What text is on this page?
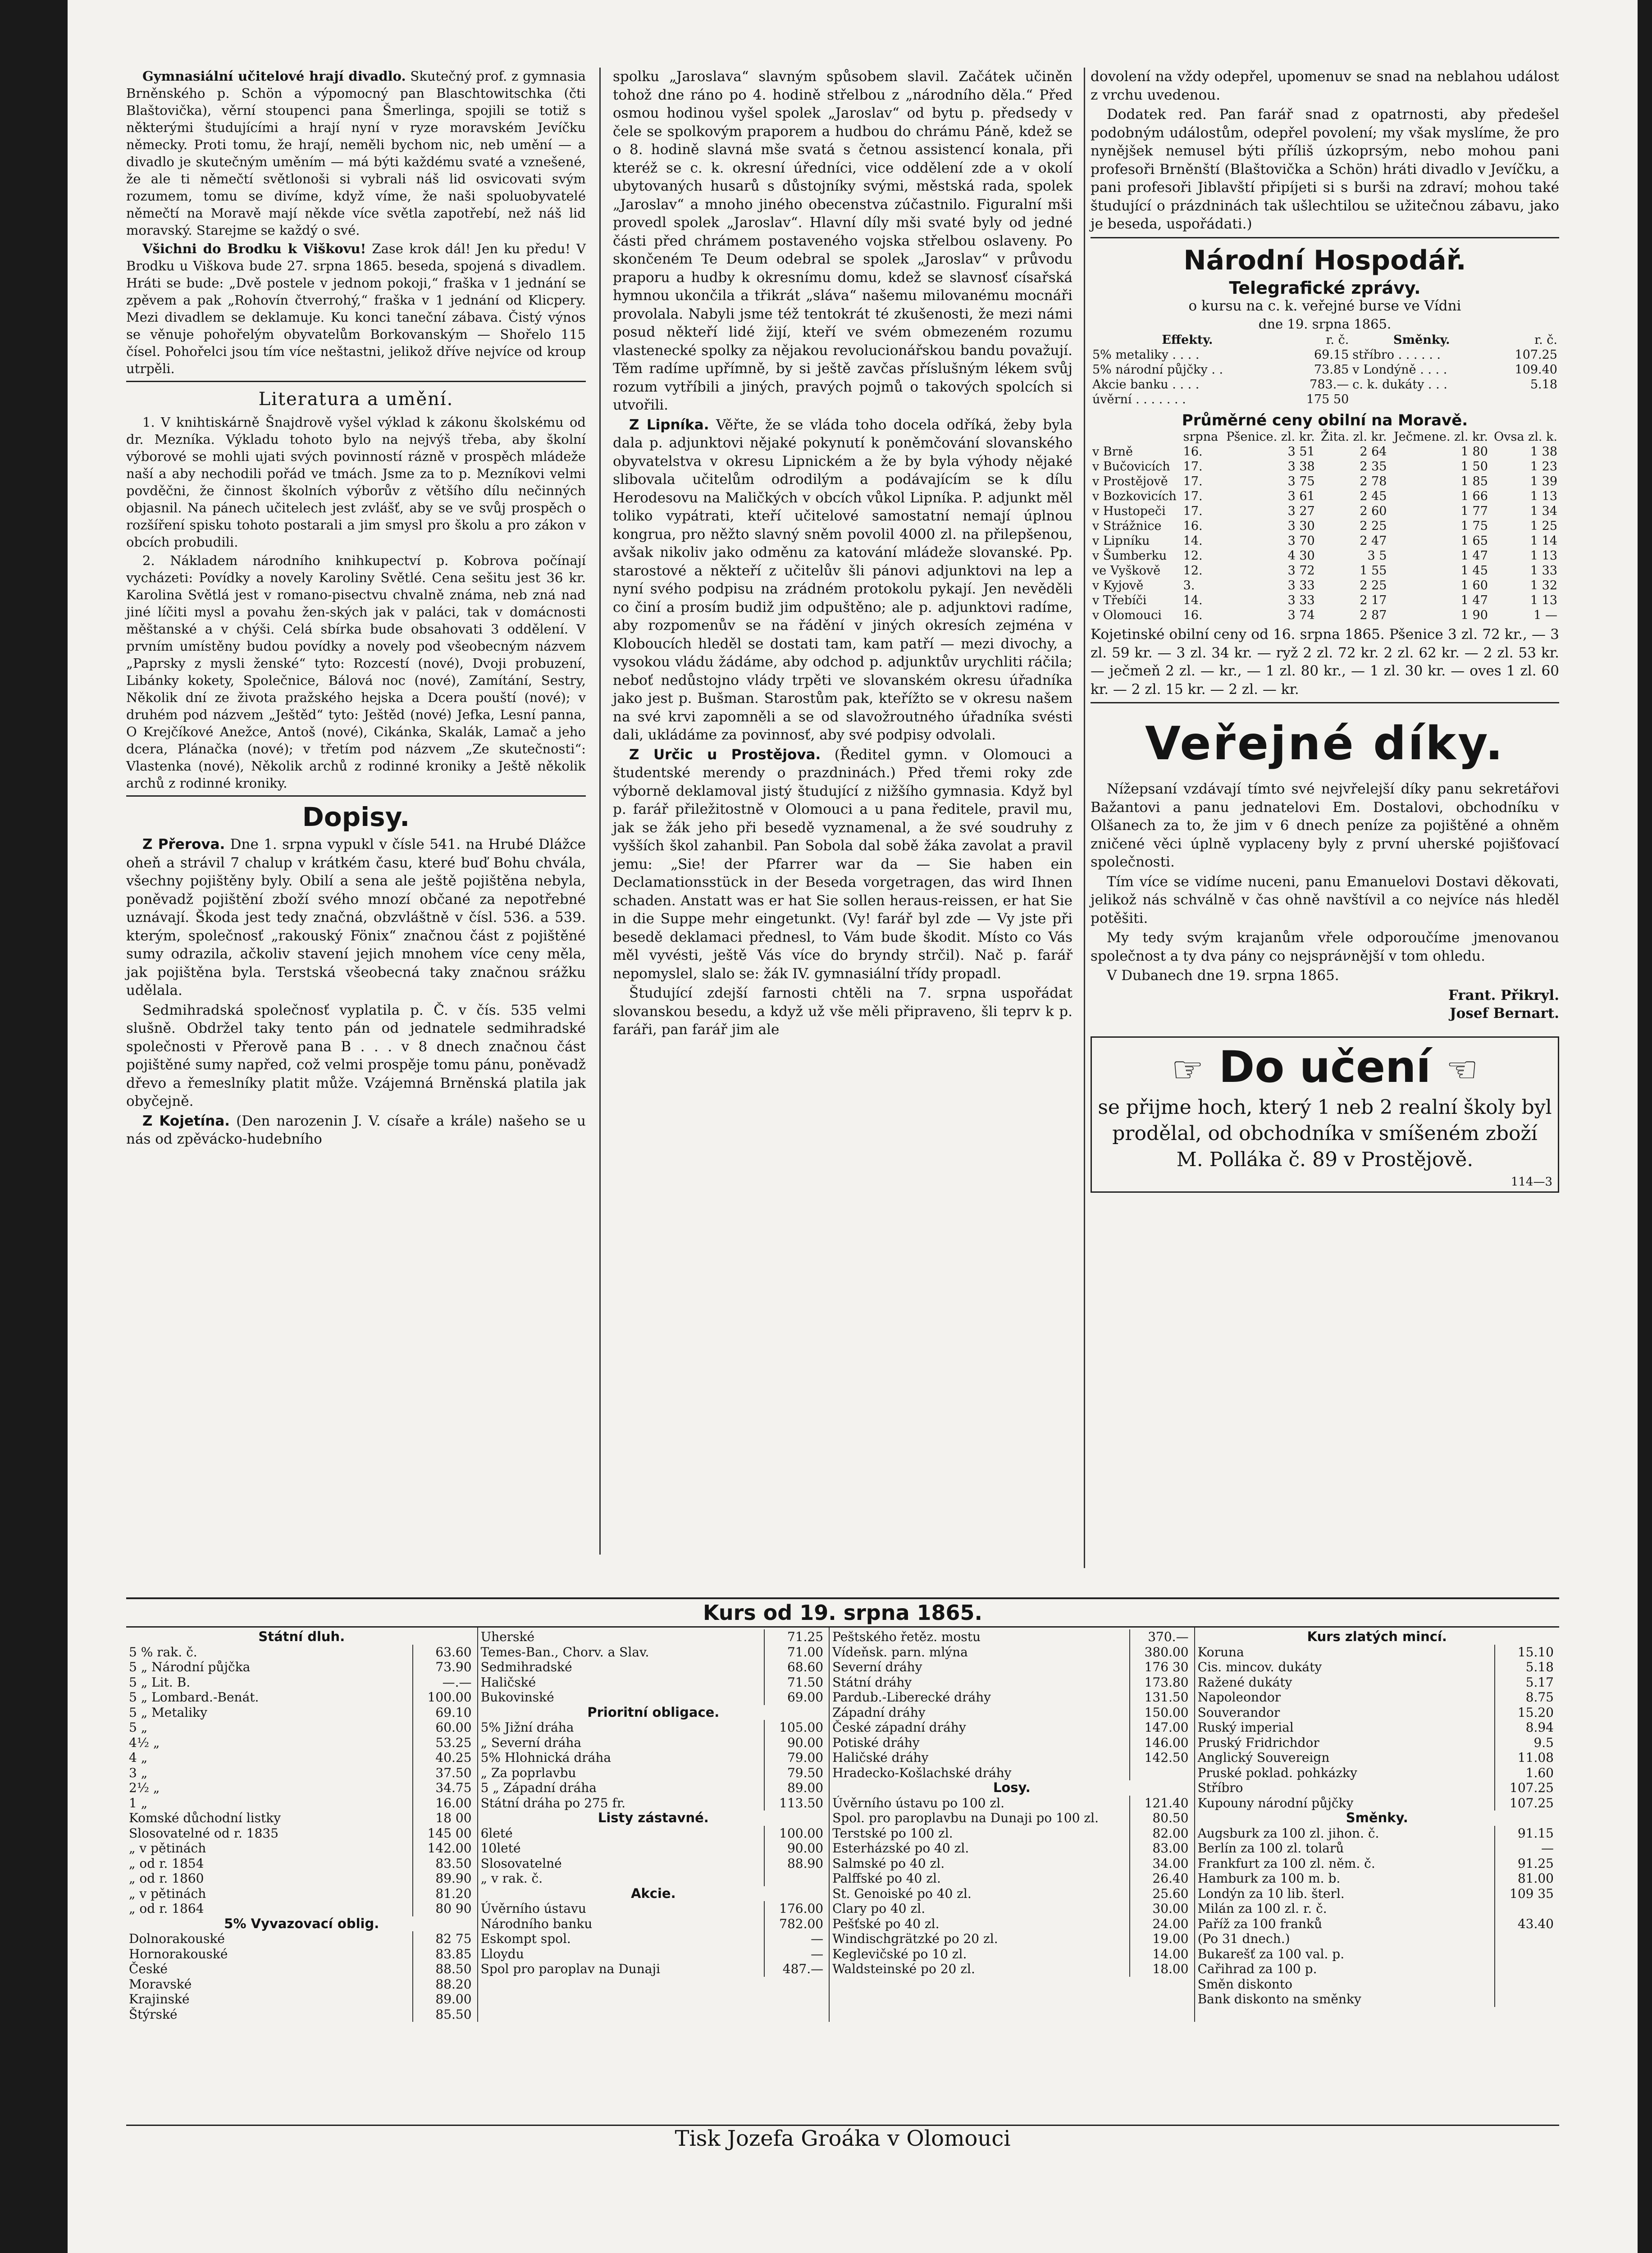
Gymnasiální učitelové hrají divadlo. Skutečný prof. z gymnasia Brněnského p. Schön a výpomocný pan Blaschtowitschka (čti Blaštovička), věrní stoupenci pana Šmerlinga, spojili se totiž s některými študujícími a hrají nyní v ryze moravském Jevíčku německy. Proti tomu, že hrají, neměli bychom nic, neb umění — a divadlo je skutečným uměním — má býti každému svaté a vznešené, že ale ti němečtí světlonoši si vybrali náš lid osvicovati svým rozumem, tomu se divíme, když víme, že naši spoluobyvatelé němečtí na Moravě mají někde více světla zapotřebí, než náš lid moravský. Starejme se každý o své.

Všichni do Brodku k Viškovu! Zase krok dál! Jen ku předu! V Brodku u Viškova bude 27. srpna 1865. beseda, spojená s divadlem. Hráti se bude: „Dvě postele v jednom pokoji,“ fraška v 1 jednání se zpěvem a pak „Rohovín čtverrohý,“ fraška v 1 jednání od Klicpery. Mezi divadlem se deklamuje. Ku konci taneční zábava. Čistý výnos se věnuje pohořelým obyvatelům Borkovanským — Shořelo 115 čísel. Pohořelci jsou tím více neštastni, jelikož dříve nejvíce od kroup utrpěli.

Literatura a umění.

1. V knihtiskárně Šnajdrově vyšel výklad k zákonu školskému od dr. Mezníka. Výkladu tohoto bylo na nejvýš třeba, aby školní výborové se mohli ujati svých povinností rázně v prospěch mládeže naší a aby nechodili pořád ve tmách. Jsme za to p. Mezníkovi velmi povděčni, že činnost školních výborův z většího dílu nečinných objasnil. Na pánech učitelech jest zvlášť, aby se ve svůj prospěch o rozšíření spisku tohoto postarali a jim smysl pro školu a pro zákon v obcích probudili.

2. Nákladem národního knihkupectví p. Kobrova počínají vycházeti: Povídky a novely Karoliny Světlé. Cena sešitu jest 36 kr. Karolina Světlá jest v romano-pisectvu chvalně známa, neb zná nad jiné líčiti mysl a povahu žen-ských jak v paláci, tak v domácnosti měštanské a v chýši. Celá sbírka bude obsahovati 3 oddělení. V prvním umístěny budou povídky a novely pod všeobecným názvem „Paprsky z mysli ženské“ tyto: Rozcestí (nové), Dvoji probuzení, Libánky kokety, Společnice, Bálová noc (nové), Zamítání, Sestry, Několik dní ze života pražského hejska a Dcera pouští (nové); v druhém pod názvem „Ještěd“ tyto: Ještěd (nové) Jefka, Lesní panna, O Krejčíkové Anežce, Antoš (nové), Cikánka, Skalák, Lamač a jeho dcera, Plánačka (nové); v třetím pod názvem „Ze skutečnosti“: Vlastenka (nové), Několik archů z rodinné kroniky a Ještě několik archů z rodinné kroniky.

Dopisy.

Z Přerova. Dne 1. srpna vypukl v čísle 541. na Hrubé Dlážce oheň a strávil 7 chalup v krátkém času, které buď Bohu chvála, všechny pojištěny byly. Obilí a sena ale ještě pojištěna nebyla, poněvadž pojištění zboží svého mnozí občané za nepotřebné uznávají. Škoda jest tedy značná, obzvláštně v čísl. 536. a 539. kterým, společnosť „rakouský Fönix“ značnou část z pojištěné sumy odrazila, ačkoliv stavení jejich mnohem více ceny měla, jak pojištěna byla. Terstská všeobecná taky značnou srážku udělala.

Sedmihradská společnosť vyplatila p. Č. v čís. 535 velmi slušně. Obdržel taky tento pán od jednatele sedmihradské společnosti v Přerově pana B . . . v 8 dnech značnou část pojištěné sumy napřed, což velmi prospěje tomu pánu, poněvadž dřevo a řemeslníky platit může. Vzájemná Brněnská platila jak obyčejně.

Z Kojetína. (Den narozenin J. V. císaře a krále) našeho se u nás od zpěvácko-hudebního

spolku „Jaroslava“ slavným spůsobem slavil. Začátek učiněn tohož dne ráno po 4. hodině střelbou z „národního děla.“ Před osmou hodinou vyšel spolek „Jaroslav“ od bytu p. předsedy v čele se spolkovým praporem a hudbou do chrámu Páně, kdež se o 8. hodině slavná mše svatá s četnou assistencí konala, při kteréž se c. k. okresní úředníci, vice oddělení zde a v okolí ubytovaných husarů s důstojníky svými, městská rada, spolek „Jaroslav“ a mnoho jiného obecenstva zúčastnilo. Figuralní mši provedl spolek „Jaroslav“. Hlavní díly mši svaté byly od jedné části před chrámem postaveného vojska střelbou oslaveny. Po skončeném Te Deum odebral se spolek „Jaroslav“ v průvodu praporu a hudby k okresnímu domu, kdež se slavnosť císařská hymnou ukončila a třikrát „sláva“ našemu milovanému mocnáři provolala. Nabyli jsme též tentokrát té zkušenosti, že mezi námi posud někteří lidé žijí, kteří ve svém obmezeném rozumu vlastenecké spolky za nějakou revolucionářskou bandu považují. Těm radíme upřímně, by si ještě zavčas příslušným lékem svůj rozum vytříbili a jiných, pravých pojmů o takových spolcích si utvořili.

Z Lipníka. Věřte, že se vláda toho docela odříká, žeby byla dala p. adjunktovi nějaké pokynutí k poněmčování slovanského obyvatelstva v okresu Lipnickém a že by byla výhody nějaké slibovala učitelům odrodilým a podávajícím se k dílu Herodesovu na Maličkých v obcích vůkol Lipníka. P. adjunkt měl toliko vypátrati, kteří učitelové samostatní nemají úplnou kongrua, pro něžto slavný sněm povolil 4000 zl. na přilepšenou, avšak nikoliv jako odměnu za katování mládeže slovanské. Pp. starostové a někteří z učitelův šli pánovi adjunktovi na lep a nyní svého podpisu na zrádném protokolu pykají. Jen nevěděli co činí a prosím budiž jim odpuštěno; ale p. adjunktovi radíme, aby rozpomenův se na řádění v jiných okresích zejména v Kloboucích hleděl se dostati tam, kam patří — mezi divochy, a vysokou vládu žádáme, aby odchod p. adjunktův urychliti ráčila; neboť nedůstojno vlády trpěti ve slovanském okresu úřadníka jako jest p. Bušman. Starostům pak, kteřížto se v okresu našem na své krvi zapomněli a se od slavožroutného úřadníka svésti dali, ukládáme za povinnosť, aby své podpisy odvolali.

Z Určic u Prostějova. (Ředitel gymn. v Olomouci a študentské merendy o prazdninách.) Před třemi roky zde výborně deklamoval jistý študující z nižšího gymnasia. Když byl p. farář přiležitostně v Olomouci a u pana ředitele, pravil mu, jak se žák jeho při besedě vyznamenal, a že své soudruhy z vyšších škol zahanbil. Pan Sobola dal sobě žáka zavolat a pravil jemu: „Sie! der Pfarrer war da — Sie haben ein Declamationsstück in der Beseda vorgetragen, das wird Ihnen schaden. Anstatt was er hat Sie sollen heraus-reissen, er hat Sie in die Suppe mehr eingetunkt. (Vy! farář byl zde — Vy jste při besedě deklamaci přednesl, to Vám bude škodit. Místo co Vás měl vyvésti, ještě Vás více do bryndy strčil). Nač p. farář nepomyslel, slalo se: žák IV. gymnasiální třídy propadl.

Študující zdejší farnosti chtěli na 7. srpna uspořádat slovanskou besedu, a když už vše měli připraveno, šli teprv k p. faráři, pan farář jim ale

dovolení na vždy odepřel, upomenuv se snad na neblahou událost z vrchu uvedenou.

Dodatek red. Pan farář snad z opatrnosti, aby předešel podobným událostům, odepřel povolení; my však myslíme, že pro nynějšek nemusel býti příliš úzkoprsým, nebo mohou pani profesoři Brněnští (Blaštovička a Schön) hráti divadlo v Jevíčku, a pani profesoři Jiblavští připíjeti si s burši na zdraví; mohou také študující o prázdninách tak ušlechtilou se užitečnou zábavu, jako je beseda, uspořádati.)

Národní Hospodář.
Telegrafické zprávy.
o kursu na c. k. veřejné burse ve Vídni
dne 19. srpna 1865.
Effekty.	r. č.	Směnky.	r. č.
5% metaliky . . . .	69.15	stříbro . . . . . .	107.25
5% národní půjčky . .	73.85	v Londýně . . . .	109.40
Akcie banku . . . .	783.—	c. k. dukáty . . .	5.18
úvěrní . . . . . . .	175 50		
Průměrné ceny obilní na Moravě.
	srpna	Pšenice. zl. kr.	Žita. zl. kr.	Ječmene. zl. kr.	Ovsa zl. k.
v Brně	16.	3 51	2 64	1 80	1 38
v Bučovicích	17.	3 38	2 35	1 50	1 23
v Prostějově	17.	3 75	2 78	1 85	1 39
v Bozkovicích	17.	3 61	2 45	1 66	1 13
v Hustopeči	17.	3 27	2 60	1 77	1 34
v Strážnice	16.	3 30	2 25	1 75	1 25
v Lipníku	14.	3 70	2 47	1 65	1 14
v Šumberku	12.	4 30	3 5	1 47	1 13
ve Vyškově	12.	3 72	1 55	1 45	1 33
v Kyjově	3.	3 33	2 25	1 60	1 32
v Třebíči	14.	3 33	2 17	1 47	1 13
v Olomouci	16.	3 74	2 87	1 90	1 —

Kojetinské obilní ceny od 16. srpna 1865. Pšenice 3 zl. 72 kr., — 3 zl. 59 kr. — 3 zl. 34 kr. — ryž 2 zl. 72 kr. 2 zl. 62 kr. — 2 zl. 53 kr. — ječmeň 2 zl. — kr., — 1 zl. 80 kr., — 1 zl. 30 kr. — oves 1 zl. 60 kr. — 2 zl. 15 kr. — 2 zl. — kr.

Veřejné díky.

Nížepsaní vzdávají tímto své nejvřelejší díky panu sekretářovi Bažantovi a panu jednatelovi Em. Dostalovi, obchodníku v Olšanech za to, že jim v 6 dnech peníze za pojištěné a ohněm zničené věci úplně vyplaceny byly z první uherské pojišťovací společnosti.

Tím více se vidíme nuceni, panu Emanuelovi Dostavi děkovati, jelikož nás schválně v čas ohně navštívil a co nejvíce nás hleděl potěšiti.

My tedy svým krajanům vřele odporoučíme jmenovanou společnost a ty dva pány co nejspráνnější v tom ohledu.

V Dubanech dne 19. srpna 1865.

Frant. Přikryl.
Josef Bernart.
☞ Do učení ☜
se přijme hoch, který 1 neb 2 realní školy byl prodělal, od obchodníka v smíšeném zboží M. Polláka č. 89 v Prostějově.
114—3
Kurs od 19. srpna 1865.
Státní dluh.
5 % rak. č.	63.60
5 „ Národní půjčka	73.90
5 „ Lit. B.	—.—
5 „ Lombard.-Benát.	100.00
5 „ Metaliky	69.10
5 „	60.00
4½ „	53.25
4 „	40.25
3 „	37.50
2½ „	34.75
1 „	16.00
Komské důchodní listky	18 00
Slosovatelné od r. 1835	145 00
„ v pětinách	142.00
„ od r. 1854	83.50
„ od r. 1860	89.90
„ v pětinách	81.20
„ od r. 1864	80 90
5% Vyvazovací oblig.
Dolnorakouské	82 75
Hornorakouské	83.85
České	88.50
Moravské	88.20
Krajinské	89.00
Štýrské	85.50
Uherské	71.25
Temes-Ban., Chorv. a Slav.	71.00
Sedmihradské	68.60
Haličské	71.50
Bukovinské	69.00
Prioritní obligace.
5% Jižní dráha	105.00
„ Severní dráha	90.00
5% Hlohnická dráha	79.00
„ Za poprlavbu	79.50
5 „ Západní dráha	89.00
Státní dráha po 275 fr.	113.50
Listy zástavné.
6leté	100.00
10leté	90.00
Slosovatelné	88.90
„ v rak. č.
Akcie.
Úvěrního ústavu	176.00
Národního banku	782.00
Eskompt spol.	—
Lloydu	—
Spol pro paroplav na Dunaji	487.—
Peštského řetěz. mostu	370.—
Vídeňsk. parn. mlýna	380.00
Severní dráhy	176 30
Státní dráhy	173.80
Pardub.-Liberecké dráhy	131.50
Západní dráhy	150.00
České západní dráhy	147.00
Potiské dráhy	146.00
Haličské dráhy	142.50
Hradecko-Košlachské dráhy
Losy.
Úvěrního ústavu po 100 zl.	121.40
Spol. pro paroplavbu na Dunaji po 100 zl.	80.50
Terstské po 100 zl.	82.00
Esterházské po 40 zl.	83.00
Salmské po 40 zl.	34.00
Palffské po 40 zl.	26.40
St. Genoiské po 40 zl.	25.60
Clary po 40 zl.	30.00
Pešťské po 40 zl.	24.00
Windischgrätzké po 20 zl.	19.00
Keglevičské po 10 zl.	14.00
Waldsteinské po 20 zl.	18.00
Kurs zlatých mincí.
Koruna	15.10
Cis. mincov. dukáty	5.18
Ražené dukáty	5.17
Napoleondor	8.75
Souverandor	15.20
Ruský imperial	8.94
Pruský Fridrichdor	9.5
Anglický Souvereign	11.08
Pruské poklad. pohkázky	1.60
Stříbro	107.25
Kupouny národní půjčky	107.25
Směnky.
Augsburk za 100 zl. jihon. č.	91.15
Berlín za 100 zl. tolarů	—
Frankfurt za 100 zl. něm. č.	91.25
Hamburk za 100 m. b.	81.00
Londýn za 10 lib. šterl.	109 35
Milán za 100 zl. r. č.
Paříž za 100 franků	43.40
(Po 31 dnech.)
Bukarešť za 100 val. p.
Cařihrad za 100 p.
Směn diskonto
Bank diskonto na směnky
Tisk Jozefa Groáka v Olomouci
